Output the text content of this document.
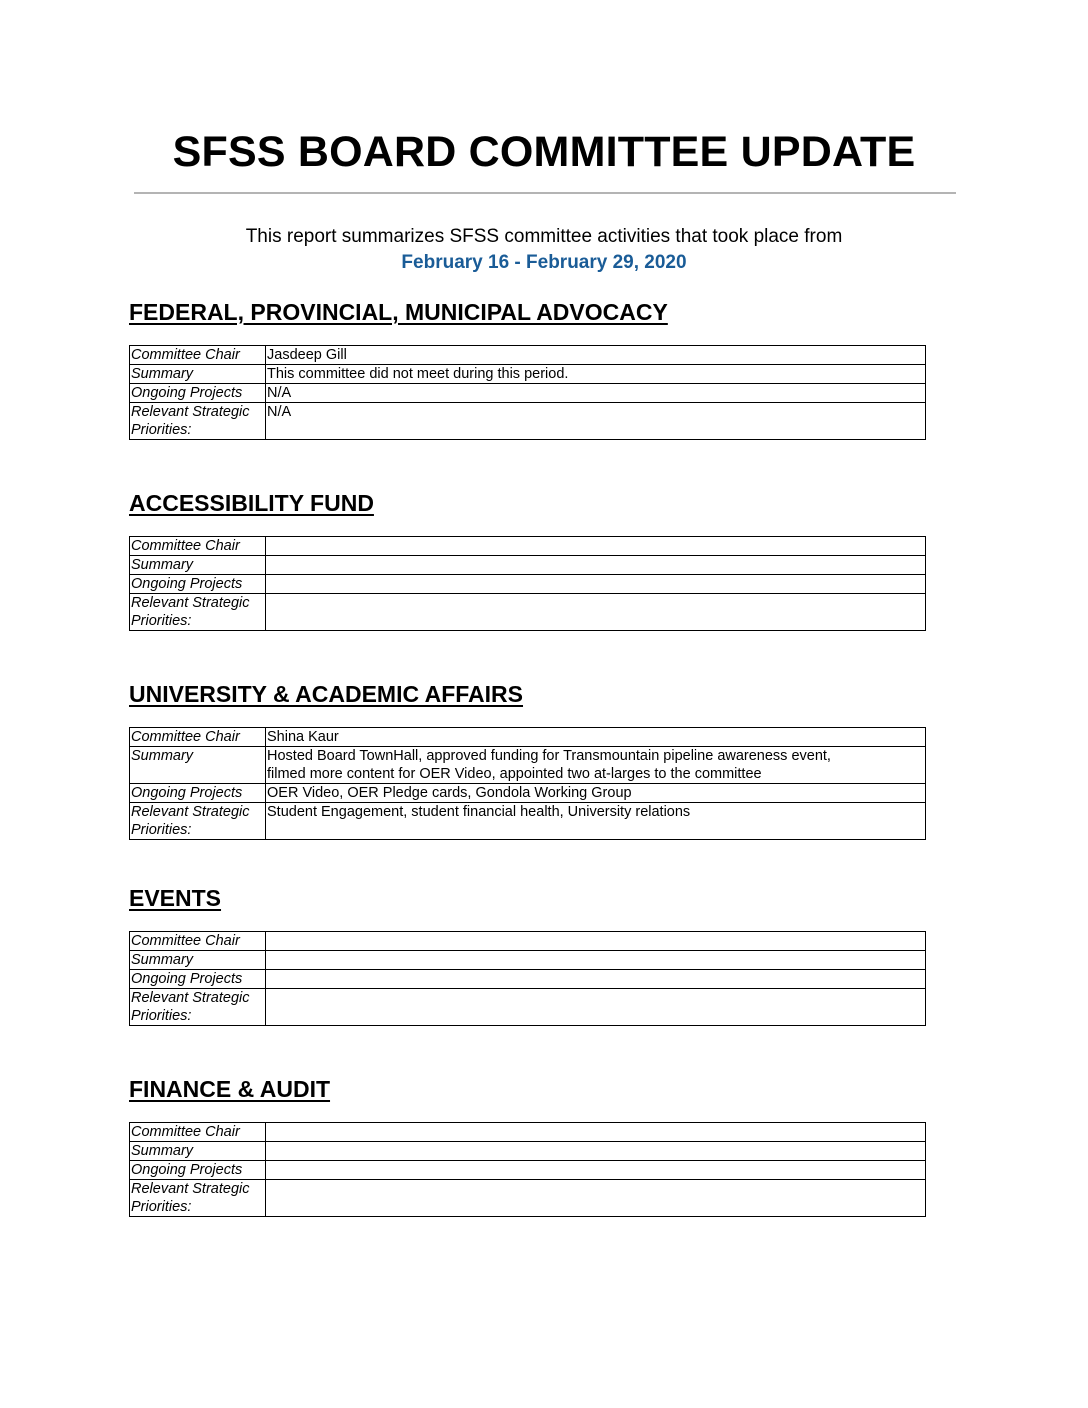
SFSS BOARD COMMITTEE UPDATE
This report summarizes SFSS committee activities that took place from
February 16 - February 29, 2020
FEDERAL, PROVINCIAL, MUNICIPAL ADVOCACY
Committee Chair	Jasdeep Gill
Summary	This committee did not meet during this period.

Ongoing Projects	N/A

Relevant Strategic
Priorities:	N/A
ACCESSIBILITY FUND
Committee Chair	
Summary	
Ongoing Projects	

Relevant Strategic
Priorities:	

UNIVERSITY & ACADEMIC AFFAIRS
Committee Chair	Shina Kaur
Summary	Hosted Board TownHall, approved funding for Transmountain pipeline awareness event,
filmed more content for OER Video, appointed two at-larges to the committee

Ongoing Projects	OER Video, OER Pledge cards, Gondola Working Group

Relevant Strategic
Priorities:	Student Engagement, student financial health, University relations
EVENTS
Committee Chair	
Summary	
Ongoing Projects	

Relevant Strategic
Priorities:	

FINANCE & AUDIT
Committee Chair	
Summary	
Ongoing Projects	

Relevant Strategic
Priorities:	
